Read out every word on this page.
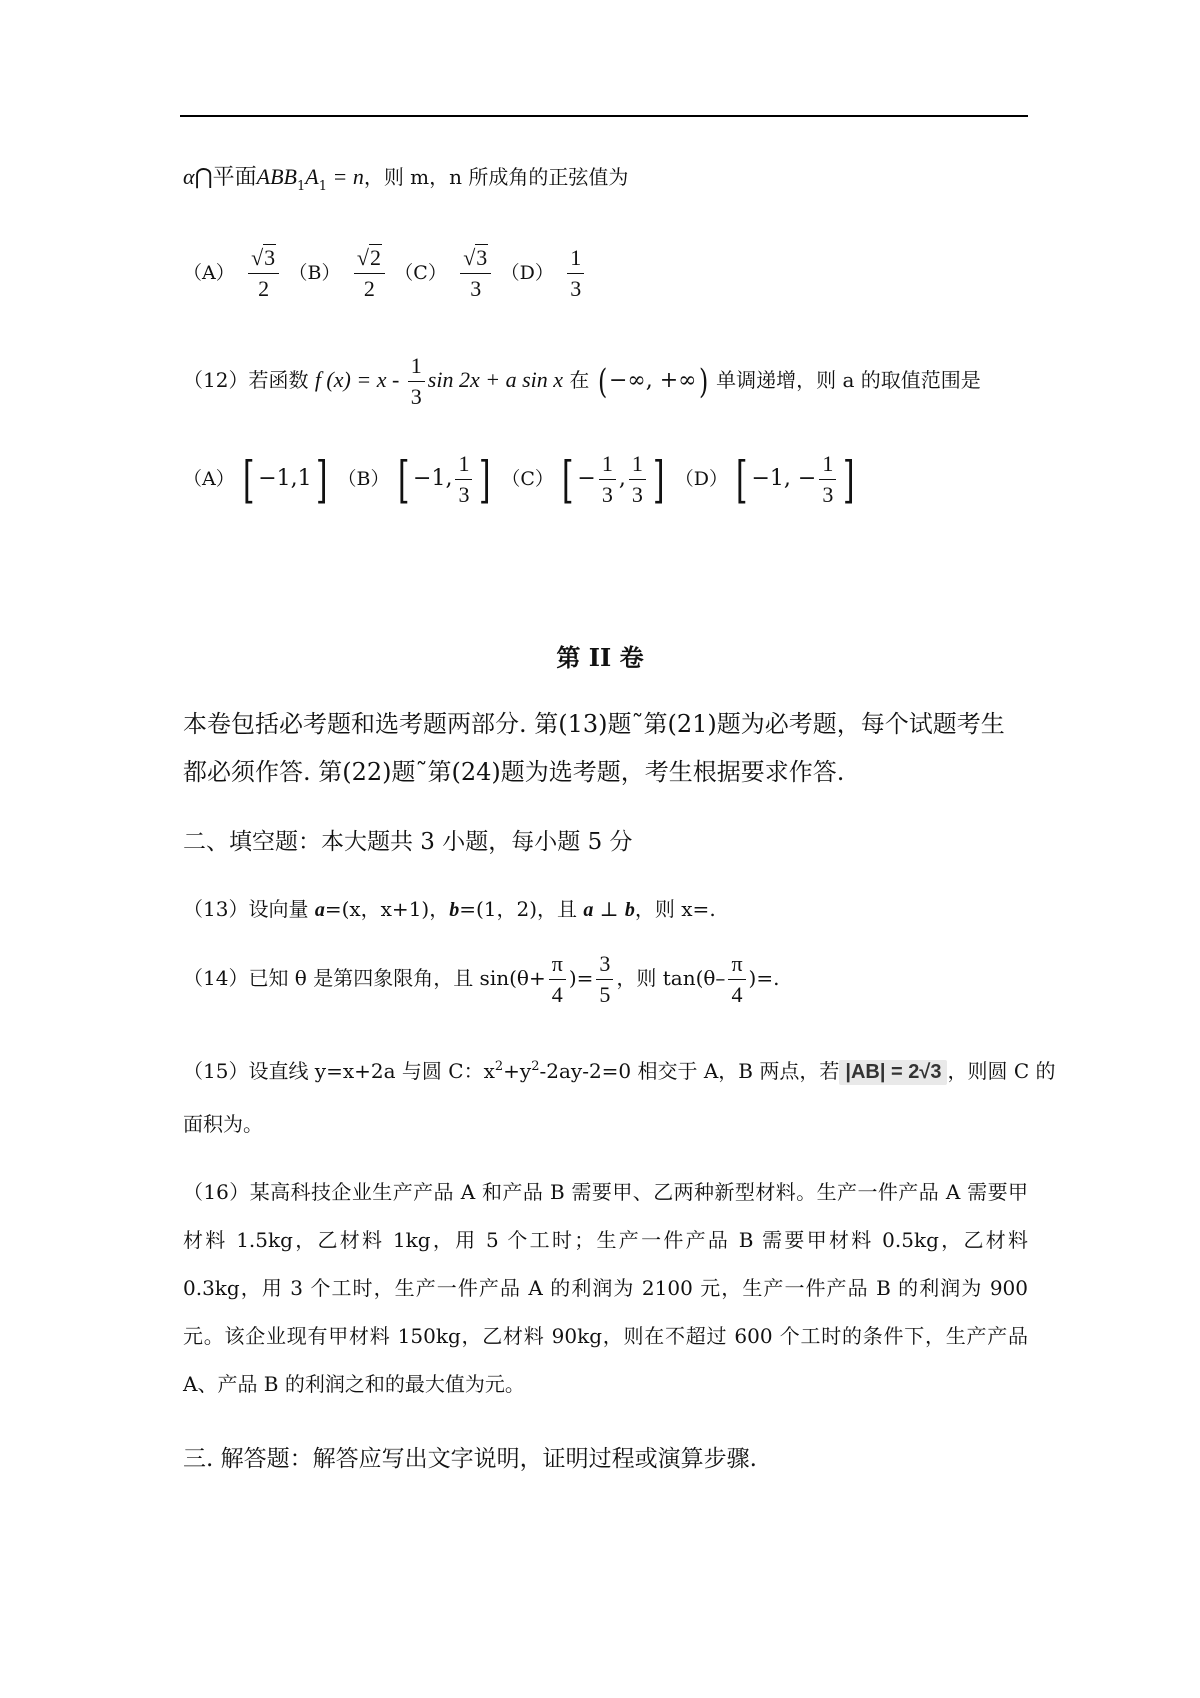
α⋂平面$ABB_1A_1 = n$，则 m，n 所成角的正弦值为
$(A) \frac{√3}{2} (B) \frac{√2}{2} (C) \frac{√3}{3} (D) \frac{1}{3}$
（12）若函数 f $(x) = x - \frac{1}{3}$ sin 2x + a sin x 在 (−∞, +∞) 单调递增，则 a 的取值范围是
（A） [ −1,1] （B） [ −1, $\frac{1}{3}$ ] （C） [ − $\frac{1}{3}$ , $\frac{1}{3}$ ] （D） [ −1, − $\frac{1}{3}$ ]
第 II 卷
本卷包括必考题和选考题两部分. 第(13)题˜第(21)题为必考题，每个试题考生都必须作答. 第(22)题˜第(24)题为选考题，考生根据要求作答.
二、填空题：本大题共 3 小题，每小题 5 分
（13）设向量 a=(x，x+1)，b=(1，2)，且 a ⊥ b，则 x=.
（14）已知 θ 是第四象限角，且 $\sin(\theta+ \frac{\pi}{4}$ )= $\frac{3}{5}$ ，则 $\tan(\theta- \frac{\pi}{4}$ )=.
（15）设直线 y=x+2a 与圆 C：$x^2+y^2-2ay-2=0$ 相交于 A，B 两点，若 |AB| = 2√3 ，则圆 C 的
面积为。
（16）某高科技企业生产产品 A 和产品 B 需要甲、乙两种新型材料。生产一件产品 A 需要甲材料 1.5kg，乙材料 1kg，用 5 个工时；生产一件产品 B 需要甲材料 0.5kg，乙材料 0.3kg，用 3 个工时，生产一件产品 A 的利润为 2100 元，生产一件产品 B 的利润为 900 元。该企业现有甲材料 150kg，乙材料 90kg，则在不超过 600 个工时的条件下，生产产品 A、产品 B 的利润之和的最大值为元。
三. 解答题：解答应写出文字说明，证明过程或演算步骤.
